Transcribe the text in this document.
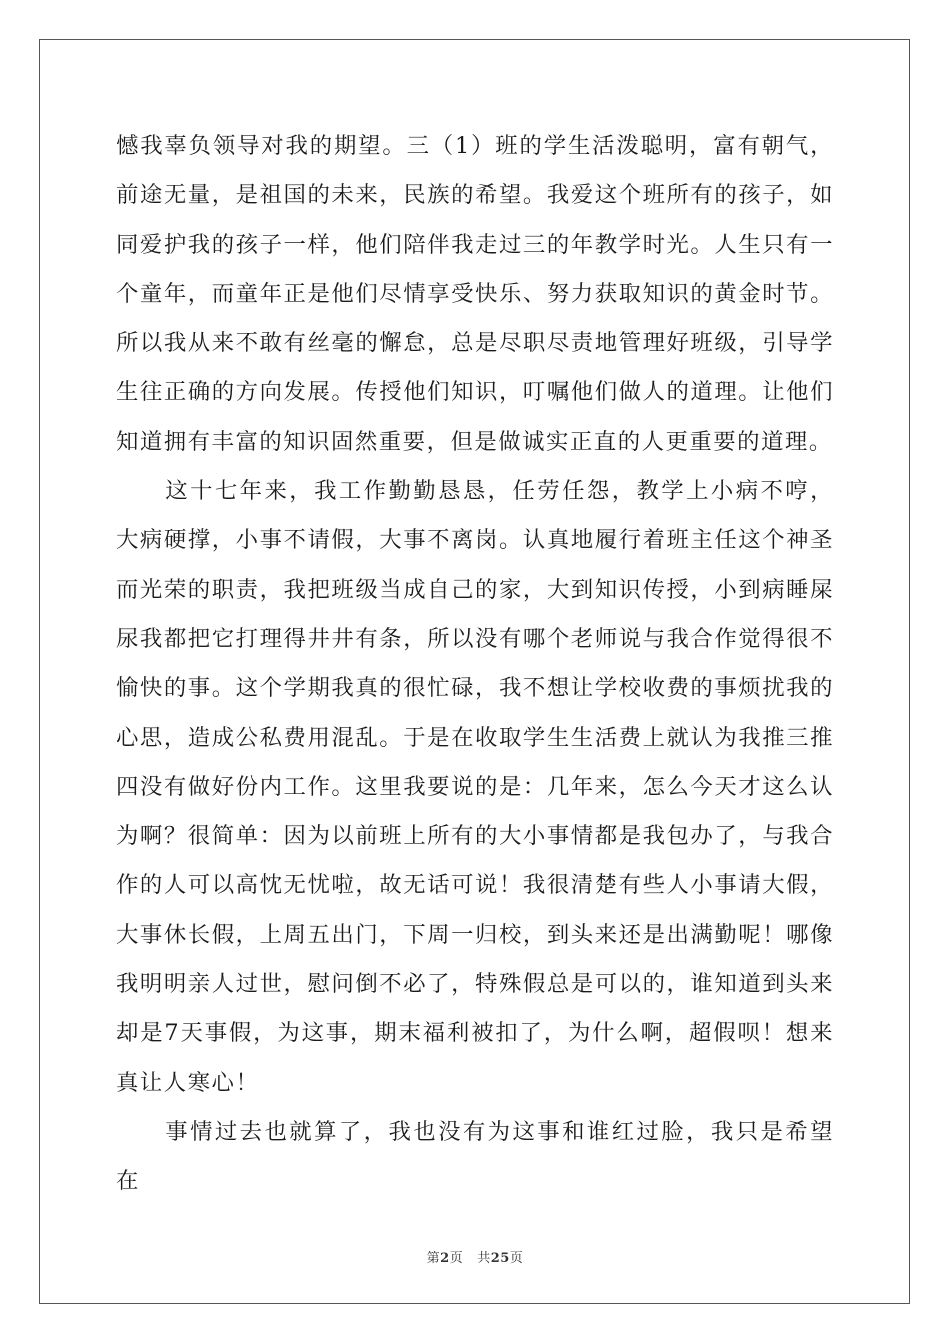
憾我辜负领导对我的期望。三（1）班的学生活泼聪明，富有朝气，前途无量，是祖国的未来，民族的希望。我爱这个班所有的孩子，如同爱护我的孩子一样，他们陪伴我走过三的年教学时光。人生只有一个童年，而童年正是他们尽情享受快乐、努力获取知识的黄金时节。所以我从来不敢有丝毫的懈怠，总是尽职尽责地管理好班级，引导学生往正确的方向发展。传授他们知识，叮嘱他们做人的道理。让他们知道拥有丰富的知识固然重要，但是做诚实正直的人更重要的道理。

这十七年来，我工作勤勤恳恳，任劳任怨，教学上小病不哼，大病硬撑，小事不请假，大事不离岗。认真地履行着班主任这个神圣而光荣的职责，我把班级当成自己的家，大到知识传授，小到病睡屎尿我都把它打理得井井有条，所以没有哪个老师说与我合作觉得很不愉快的事。这个学期我真的很忙碌，我不想让学校收费的事烦扰我的心思，造成公私费用混乱。于是在收取学生生活费上就认为我推三推四没有做好份内工作。这里我要说的是：几年来，怎么今天才这么认为啊？很简单：因为以前班上所有的大小事情都是我包办了，与我合作的人可以高忱无忧啦，故无话可说！我很清楚有些人小事请大假，大事休长假，上周五出门，下周一归校，到头来还是出满勤呢！哪像我明明亲人过世，慰问倒不必了，特殊假总是可以的，谁知道到头来却是7天事假，为这事，期末福利被扣了，为什么啊，超假呗！想来真让人寒心！

事情过去也就算了，我也没有为这事和谁红过脸，我只是希望在

第2页 共25页
